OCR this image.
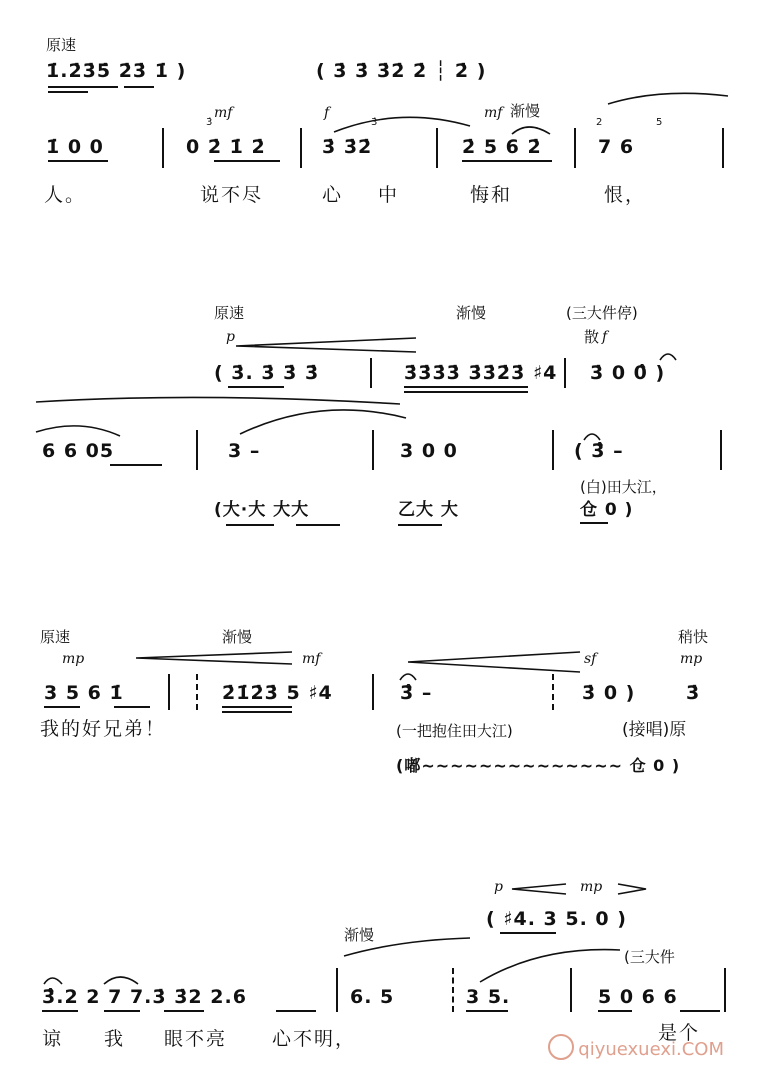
原速
1̇.2̇3̇5̇ 2̇3̇ 1̇ )	( 3̇ 3̇ 3̇2̇ 2̇ ┆ 2̇ )
mf	f	mf 渐慢
3̇	3̇	2	5
1̇ 0 0	0 2̇ 1̇ 2̇	3̇ 3̇2̇	2̇ 5 6 2̇	7 6
人。	说不尽	心 中	悔和	恨，
原速	渐慢	(三大件停)
p	散 f
( 3̇. 3̇ 3̇ 3̇	3̇3̇3̇3̇ 3̇3̇2̇3̇ ♯4 3̇ 0 0̂ )
6 6 05	3 –	3 0 0	( 3̂ –
(白)田大江，
(大·大 大大	乙大 大	仓 0 )
原速	渐慢	稍快
mp	mf	sf	mp
3 5 6 1̇	2̇1̇2̇3̇ 5 ♯4	3̂ –	3̇ 0 )	3̇
我的好兄弟！	(一把抱住田大江)	(接唱)原
(嘟~~~~~~~~~~~~~~ 仓 0 )
p	mp
( ♯4. 3 5. 0 )
渐慢
(三大件
3̂.2 2 7 7.3̇ 3̇2 2.6	6. 5	3 5.	5 0 6 6
谅 我 眼不亮 心不明，	是个
qiyuexuexi.COM
